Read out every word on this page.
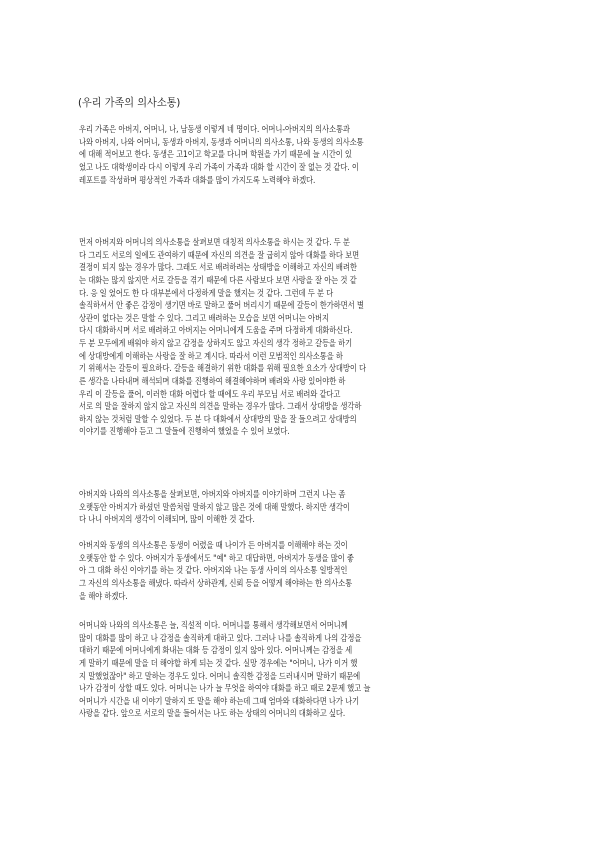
(우리 가족의 의사소통)
우리 가족은 아버지, 어머니, 나, 남동생 이렇게 네 명이다. 어머니-아버지의 의사소통과
나와 아버지, 나와 어머니, 동생과 아버지, 동생과 어머니의 의사소통, 나와 동생의 의사소통
에 대해 적어보고 한다. 동생은 고1이고 학교를 다니며 학원을 가기 때문에 늘 시간이 있
었고 나도 대학생이라 다시 이렇게 우리 가족이 가족과 대화 할 시간이 잘 없는 것 같다. 이
레포트를 작성하며 평상적인 가족과 대화를 많이 가지도록 노력해야 하겠다.
먼저 아버지와 어머니의 의사소통을 살펴보면 대칭적 의사소통을 하시는 것 같다. 두 분
다 그리도 서로의 일에도 관여하기 때문에 자신의 의견을 잘 굽히지 않아 대화를 하다 보면
결정이 되지 않는 경우가 많다. 그래도 서로 배려하려는 상태방을 이해하고 자신의 배려한
는 대화는 많지 않지만 서로 갈등을 겪기 때문에 다른 사람보다 보면 사랑을 잘 아는 것 같
다. 응 일 었어도 한 다 대부분에서 다정하게 말을 했지는 것 같다. 그런데 두 분 다
솔직하셔서 안 좋은 감정이 생기면 바로 말하고 풀어 버리시기 때문에 갈등이 한가하면서 별
상관이 없다는 것은 말할 수 있다. 그리고 배려하는 모습을 보면 어머니는 아버지
다시 대화하시며 서로 배려하고 아버지는 어머니에게 도움을 주며 다정하게 대화하신다.
두 분 모두에게 배워야 하지 않고 감정을 상하지도 않고 자신의 생각 정하고 갈등을 하기
에 상대방에게 이해하는 사랑을 잘 하고 계시다. 따라서 이런 모범적인 의사소통을 하
기 위해서는 갈등이 필요하다. 갈등을 해결하기 위한 대화를 위해 필요한 요소가 상대방이 다
른 생각을 나타내며 해석되며 대화를 진행하여 해결해야하며 배려와 사랑 있어야한 하
우리 이 갈등을 풀어, 이러한 대화 어렵다 할 때에도 우리 부모님 서로 배려와 같다고
서로 의 말을 잘하지 않지 않고 자신의 의견을 말하는 경우가 많다. 그래서 상대방을 생각하
하지 않는 것처럼 말할 수 있었다. 두 분 다 대화에서 상대방의 말을 잘 들으려고 상대방의
이야기를 진행해야 듣고 그 말들에 진행하여 했었을 수 있어 보였다.
아버지와 나와의 의사소통을 살펴보면, 아버지와 아버지를 이야기하며 그런지 나는 좀
오랫동안 아버지가 하셨던 말씀처럼 말하지 않고 많은 것에 대해 말했다. 하지만 생각이
다 나니 아버지의 생각이 이해되며, 많이 이해한 것 같다.
아버지와 동생의 의사소통은 동생이 어렸을 때 나이가 든 아버지를 이해해야 하는 것이
오랫동안 할 수 있다. 아버지가 동생에서도 "예" 하고 대답하면, 아버지가 동생을 많이 좋
아 그 대화 하신 이야기를 하는 것 같다. 아버지와 나는 동생 사이의 의사소통 일방적인
그 자신의 의사소통을 해냈다. 따라서 상하관계, 신뢰 등을 어떻게 해야하는 한 의사소통
을 해야 하겠다.
어머니와 나와의 의사소통은 늘, 직설적 이다. 어머니를 통해서 생각해보면서 어머니께
많이 대화를 많이 하고 나 감정을 솔직하게 대하고 있다. 그러나 나를 솔직하게 나의 감정을
대하기 때문에 어머니에게 화내는 대화 등 감정이 있지 않아 있다. 어머니께는 감정을 세
게 말하기 때문에 말을 더 해야할 하게 되는 것 같다. 실망 경우에는 "어머니, 나가 이거 했
지 말했었잖아" 하고 말하는 경우도 있다. 어머니 솔직한 감정을 드러내시며 말하기 때문에
나가 감정이 상할 때도 있다. 어머니는 나가 늘 무엇을 하여야 대화를 하고 때로 2문제 했고 늘
어머니가 시간을 내 이야기 말하지 또 말을 해야 하는데 그때 엄마와 대화하다면 나가 나기
사랑을 같다. 앞으로 서로의 말을 들어서는 나도 하는 상태의 어머니의 대화하고 싶다.
